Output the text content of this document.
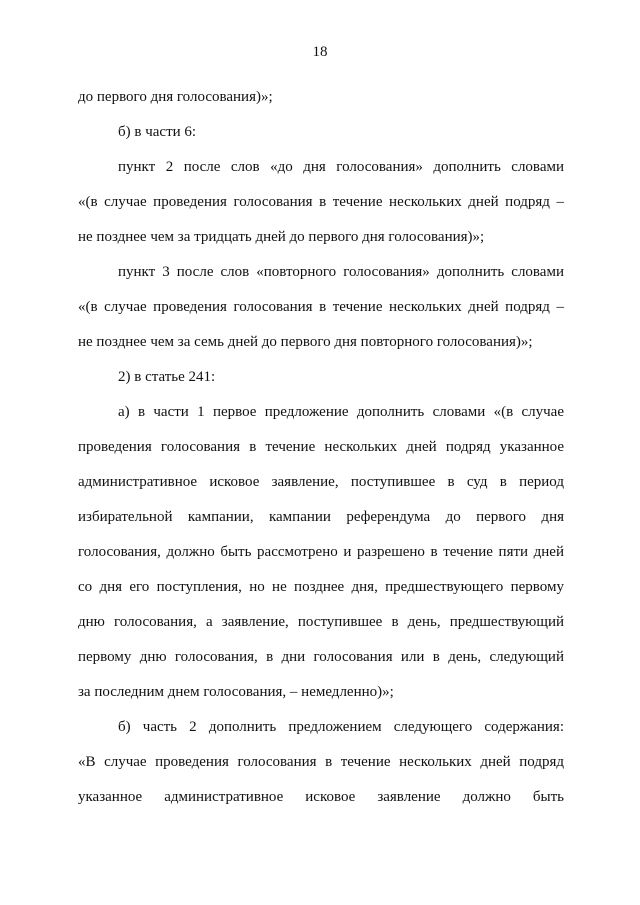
18
до первого дня голосования)»;
б) в части 6:
пункт 2 после слов «до дня голосования» дополнить словами
«(в случае проведения голосования в течение нескольких дней подряд –
не позднее чем за тридцать дней до первого дня голосования)»;
пункт 3 после слов «повторного голосования» дополнить словами
«(в случае проведения голосования в течение нескольких дней подряд –
не позднее чем за семь дней до первого дня повторного голосования)»;
2) в статье 241:
а) в части 1 первое предложение дополнить словами «(в случае
проведения голосования в течение нескольких дней подряд указанное
административное исковое заявление, поступившее в суд в период
избирательной кампании, кампании референдума до первого дня
голосования, должно быть рассмотрено и разрешено в течение пяти дней
со дня его поступления, но не позднее дня, предшествующего первому
дню голосования, а заявление, поступившее в день, предшествующий
первому дню голосования, в дни голосования или в день, следующий
за последним днем голосования, – немедленно)»;
б) часть 2 дополнить предложением следующего содержания:
«В случае проведения голосования в течение нескольких дней подряд
указанное административное исковое заявление должно быть
